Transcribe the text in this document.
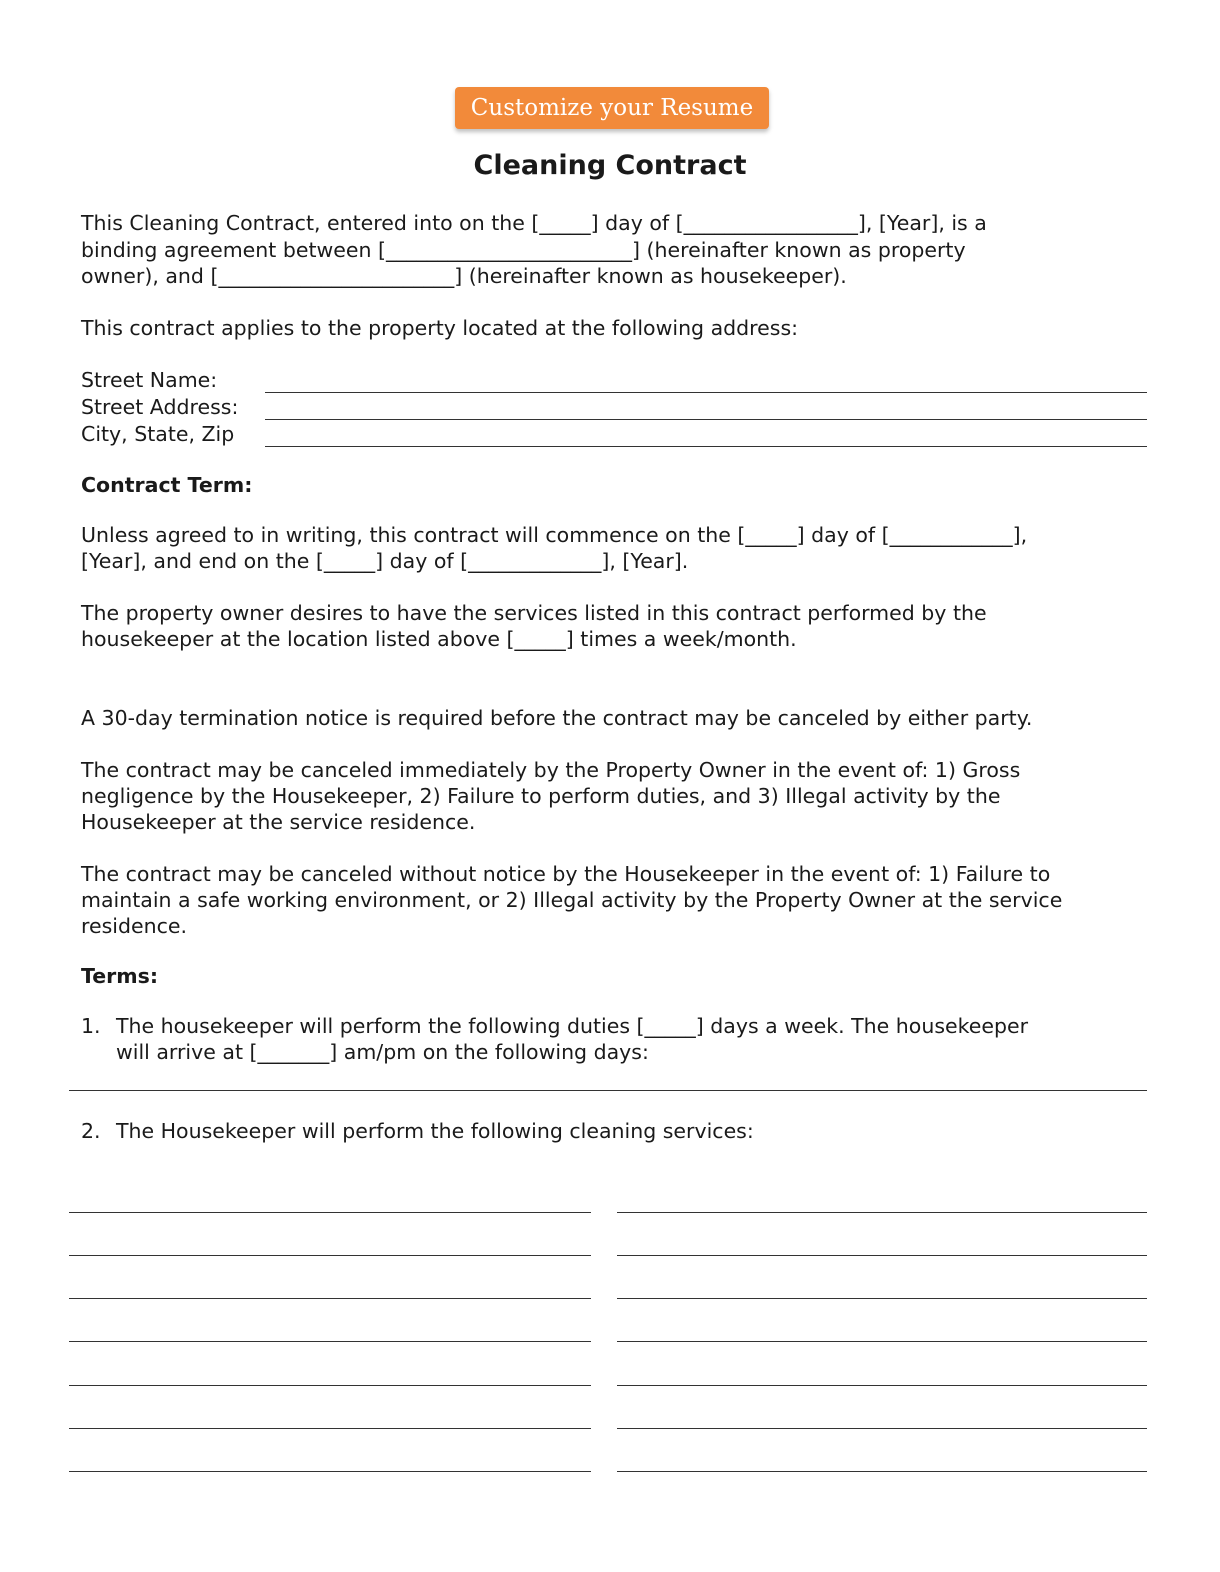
Customize your Resume
Cleaning Contract

This Cleaning Contract, entered into on the [_____] day of [_________________], [Year], is a

binding agreement between [________________________] (hereinafter known as property

owner), and [_______________________] (hereinafter known as housekeeper).

This contract applies to the property located at the following address:

Street Name:
Street Address:
City, State, Zip
Contract Term:

Unless agreed to in writing, this contract will commence on the [_____] day of [____________],

[Year], and end on the [_____] day of [_____________], [Year].

The property owner desires to have the services listed in this contract performed by the

housekeeper at the location listed above [_____] times a week/month.

A 30-day termination notice is required before the contract may be canceled by either party.

The contract may be canceled immediately by the Property Owner in the event of: 1) Gross

negligence by the Housekeeper, 2) Failure to perform duties, and 3) Illegal activity by the

Housekeeper at the service residence.

The contract may be canceled without notice by the Housekeeper in the event of: 1) Failure to

maintain a safe working environment, or 2) Illegal activity by the Property Owner at the service

residence.

Terms:

1. The housekeeper will perform the following duties [_____] days a week. The housekeeper

will arrive at [_______] am/pm on the following days:

2. The Housekeeper will perform the following cleaning services:
